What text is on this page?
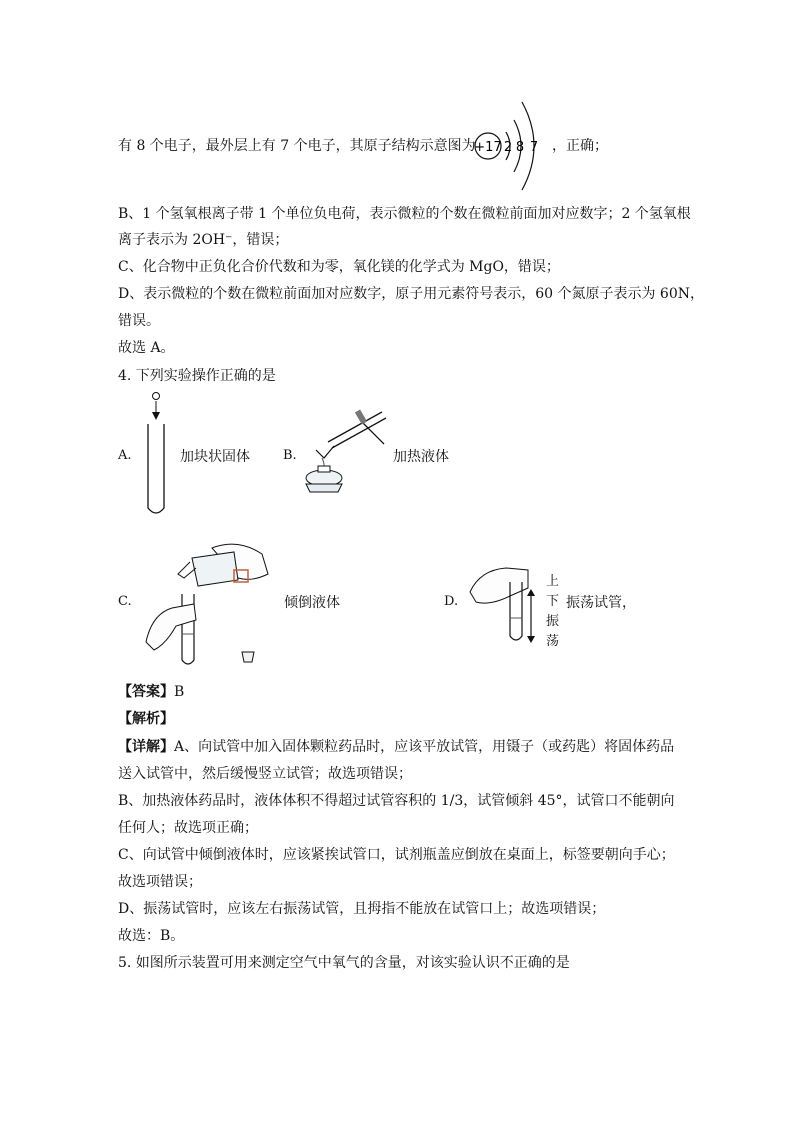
有 8 个电子，最外层上有 7 个电子，其原子结构示意图为
+17 2 8 7 ，正确；
B、1 个氢氧根离子带 1 个单位负电荷，表示微粒的个数在微粒前面加对应数字；2 个氢氧根
离子表示为 2OH⁻，错误；
C、化合物中正负化合价代数和为零，氧化镁的化学式为 MgO，错误；
D、表示微粒的个数在微粒前面加对应数字，原子用元素符号表示，60 个氮原子表示为 60N，
错误。
故选 A。
4. 下列实验操作正确的是
A.	加块状固体	B.	加热液体
C.	倾倒液体	D.
上
下
振
荡
振荡试管，
【答案】B
【解析】
【详解】A、向试管中加入固体颗粒药品时，应该平放试管，用镊子（或药匙）将固体药品
送入试管中，然后缓慢竖立试管；故选项错误；
B、加热液体药品时，液体体积不得超过试管容积的 1/3，试管倾斜 45°，试管口不能朝向
任何人；故选项正确；
C、向试管中倾倒液体时，应该紧挨试管口，试剂瓶盖应倒放在桌面上，标签要朝向手心；
故选项错误；
D、振荡试管时，应该左右振荡试管，且拇指不能放在试管口上；故选项错误；
故选：B。
5. 如图所示装置可用来测定空气中氧气的含量，对该实验认识不正确的是
